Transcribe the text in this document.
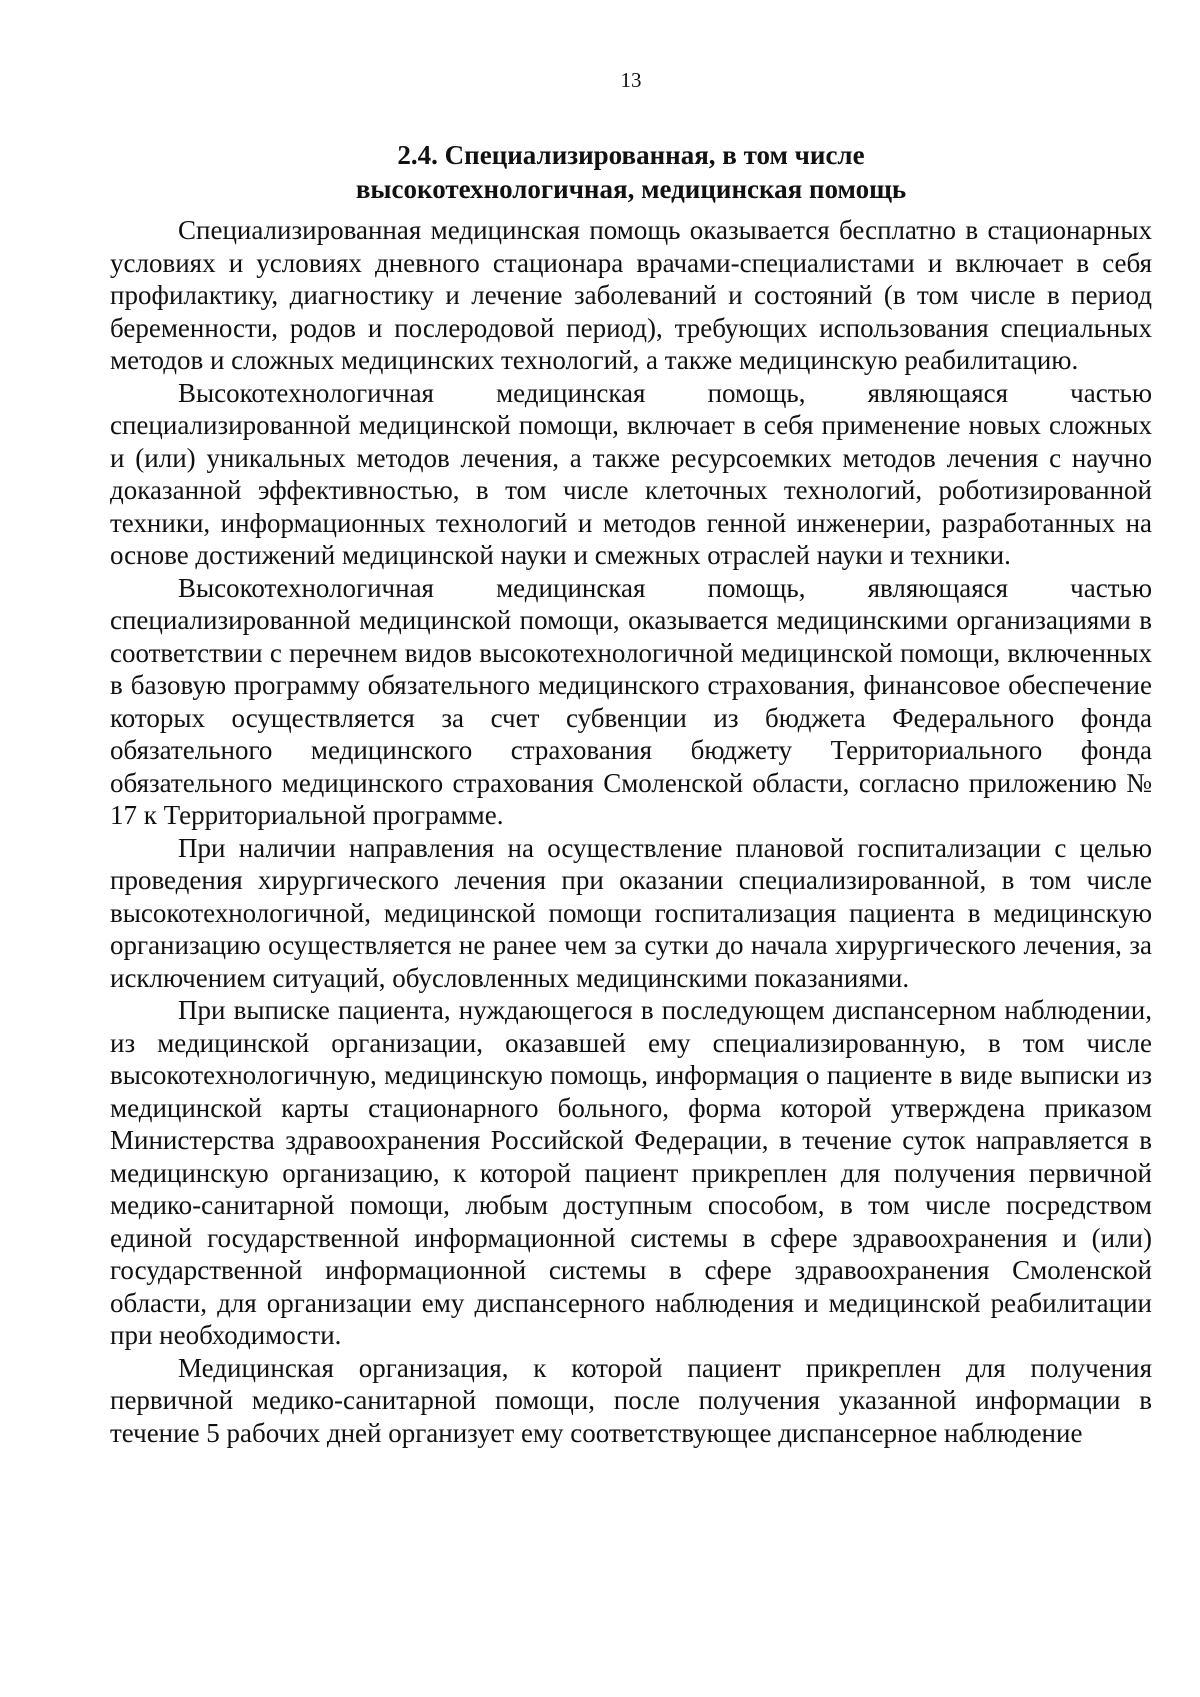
13
2.4. Специализированная, в том числе
высокотехнологичная, медицинская помощь

Специализированная медицинская помощь оказывается бесплатно в стационарных условиях и условиях дневного стационара врачами-специалистами и включает в себя профилактику, диагностику и лечение заболеваний и состояний (в том числе в период беременности, родов и послеродовой период), требующих использования специальных методов и сложных медицинских технологий, а также медицинскую реабилитацию.

Высокотехнологичная медицинская помощь, являющаяся частью специализированной медицинской помощи, включает в себя применение новых сложных и (или) уникальных методов лечения, а также ресурсоемких методов лечения с научно доказанной эффективностью, в том числе клеточных технологий, роботизированной техники, информационных технологий и методов генной инженерии, разработанных на основе достижений медицинской науки и смежных отраслей науки и техники.

Высокотехнологичная медицинская помощь, являющаяся частью специализированной медицинской помощи, оказывается медицинскими организациями в соответствии с перечнем видов высокотехнологичной медицинской помощи, включенных в базовую программу обязательного медицинского страхования, финансовое обеспечение которых осуществляется за счет субвенции из бюджета Федерального фонда обязательного медицинского страхования бюджету Территориального фонда обязательного медицинского страхования Смоленской области, согласно приложению № 17 к Территориальной программе.

При наличии направления на осуществление плановой госпитализации с целью проведения хирургического лечения при оказании специализированной, в том числе высокотехнологичной, медицинской помощи госпитализация пациента в медицинскую организацию осуществляется не ранее чем за сутки до начала хирургического лечения, за исключением ситуаций, обусловленных медицинскими показаниями.

При выписке пациента, нуждающегося в последующем диспансерном наблюдении, из медицинской организации, оказавшей ему специализированную, в том числе высокотехнологичную, медицинскую помощь, информация о пациенте в виде выписки из медицинской карты стационарного больного, форма которой утверждена приказом Министерства здравоохранения Российской Федерации, в течение суток направляется в медицинскую организацию, к которой пациент прикреплен для получения первичной медико-санитарной помощи, любым доступным способом, в том числе посредством единой государственной информационной системы в сфере здравоохранения и (или) государственной информационной системы в сфере здравоохранения Смоленской области, для организации ему диспансерного наблюдения и медицинской реабилитации при необходимости.

Медицинская организация, к которой пациент прикреплен для получения первичной медико-санитарной помощи, после получения указанной информации в течение 5 рабочих дней организует ему соответствующее диспансерное наблюдение
